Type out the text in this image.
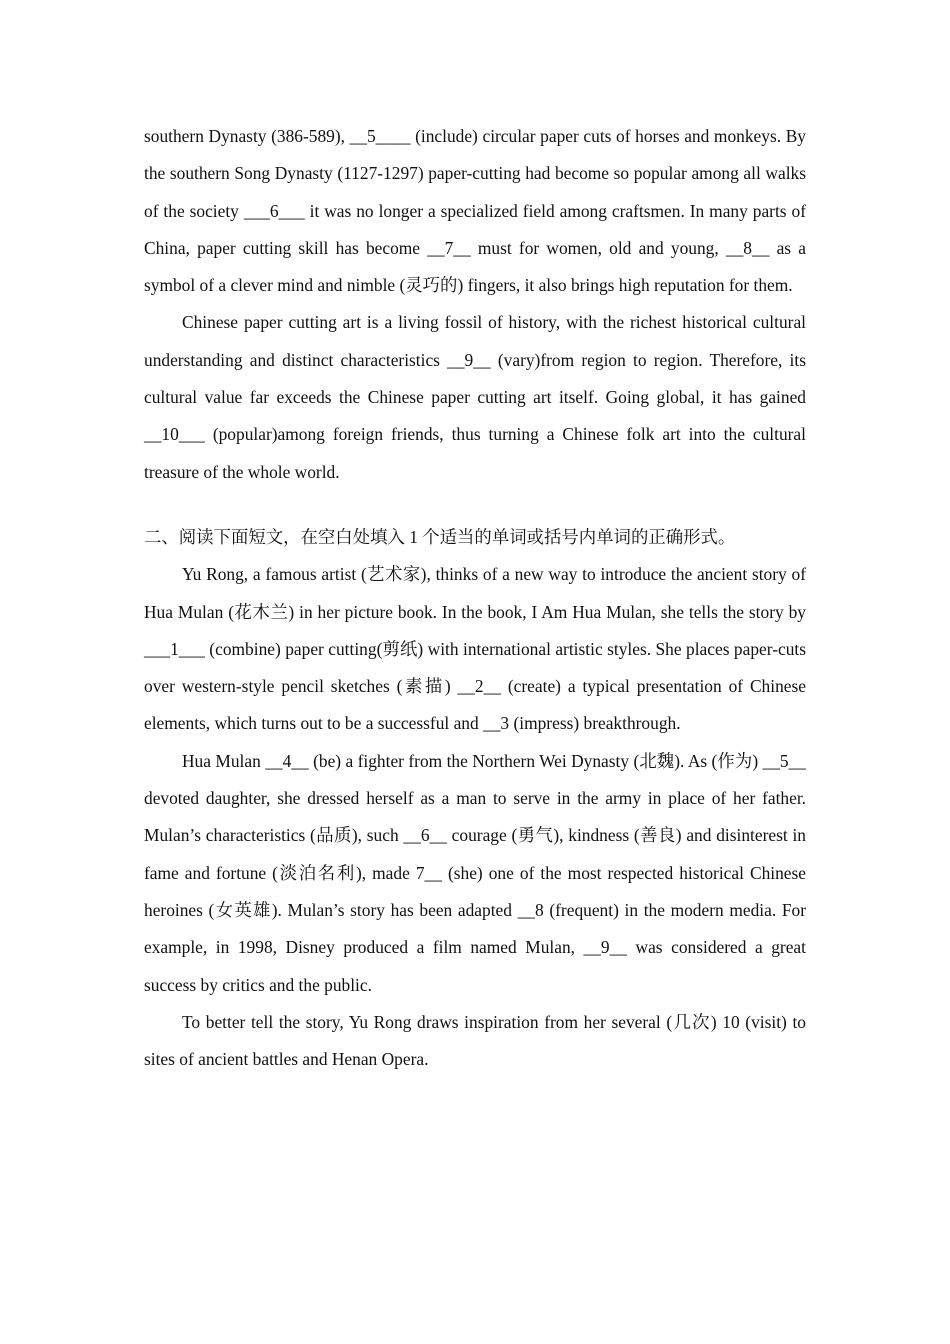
southern Dynasty (386-589), __5____ (include) circular paper cuts of horses and monkeys. By the southern Song Dynasty (1127-1297) paper-cutting had become so popular among all walks of the society ___6___ it was no longer a specialized field among craftsmen. In many parts of China, paper cutting skill has become __7__ must for women, old and young, __8__ as a symbol of a clever mind and nimble (灵巧的) fingers, it also brings high reputation for them.

Chinese paper cutting art is a living fossil of history, with the richest historical cultural understanding and distinct characteristics __9__ (vary)from region to region. Therefore, its cultural value far exceeds the Chinese paper cutting art itself. Going global, it has gained __10___ (popular)among foreign friends, thus turning a Chinese folk art into the cultural treasure of the whole world.

二、阅读下面短文，在空白处填入 1 个适当的单词或括号内单词的正确形式。

Yu Rong, a famous artist (艺术家), thinks of a new way to introduce the ancient story of Hua Mulan (花木兰) in her picture book. In the book, I Am Hua Mulan, she tells the story by ___1___ (combine) paper cutting(剪纸) with international artistic styles. She places paper-cuts over western-style pencil sketches (素描) __2__ (create) a typical presentation of Chinese elements, which turns out to be a successful and __3 (impress) breakthrough.

Hua Mulan __4__ (be) a fighter from the Northern Wei Dynasty (北魏). As (作为) __5__ devoted daughter, she dressed herself as a man to serve in the army in place of her father. Mulan’s characteristics (品质), such __6__ courage (勇气), kindness (善良) and disinterest in fame and fortune (淡泊名利), made 7__ (she) one of the most respected historical Chinese heroines (女英雄). Mulan’s story has been adapted __8 (frequent) in the modern media. For example, in 1998, Disney produced a film named Mulan, __9__ was considered a great success by critics and the public.

To better tell the story, Yu Rong draws inspiration from her several (几次) 10 (visit) to sites of ancient battles and Henan Opera.
